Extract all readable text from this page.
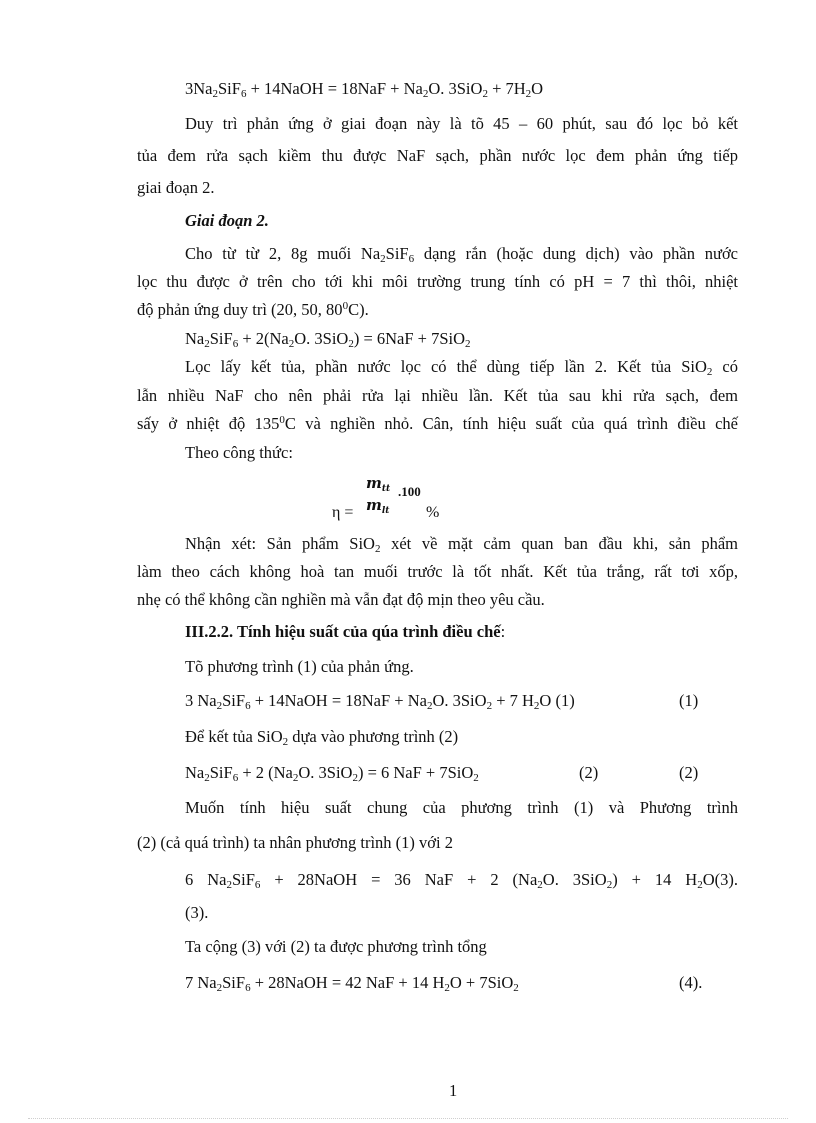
$3Na_2SiF_6$ + 14NaOH = $18NaF + Na_2O$. $3SiO_2 + 7H_2O$
Duy trì phản ứng ở giai đoạn này là tõ 45 – 60 phút, sau đó lọc bỏ kết
tủa đem rửa sạch kiềm thu được NaF sạch, phần nước lọc đem phản ứng tiếp
giai đoạn 2.
Giai đoạn 2.
Cho từ từ 2, 8g muối $Na_2SiF_6$ dạng rắn (hoặc dung dịch) vào phần nước
lọc thu được ở trên cho tới khi môi trường trung tính có pH = 7 thì thôi, nhiệt
độ phản ứng duy trì (20, 50, $80^0C$).
$Na_2SiF_6 + 2(Na_2O$. 3SiO$_2$) = 6NaF + 7SiO$_2$
Lọc lấy kết tủa, phần nước lọc có thể dùng tiếp lần 2. Kết tủa SiO$_2$ có
lẫn nhiều NaF cho nên phải rửa lại nhiều lần. Kết tủa sau khi rửa sạch, đem
sấy ở nhiệt độ $135^0C$ và nghiền nhỏ. Cân, tính hiệu suất của quá trình điều chế
Theo công thức:
$m_{tt}$ .100
$m_{lt}$
η =	%
Nhận xét: Sản phẩm SiO$_2$ xét về mặt cảm quan ban đầu khi, sản phẩm
làm theo cách không hoà tan muối trước là tốt nhất. Kết tủa trắng, rất tơi xốp,
nhẹ có thể không cần nghiền mà vẫn đạt độ mịn theo yêu cầu.
III.2.2. Tính hiệu suất của qúa trình điều chế:
Tõ phương trình (1) của phản ứng.
3 $Na_2SiF_6$ + 14NaOH = $18NaF + Na_2O$. 3SiO$_2$ + 7 $H_2O$ (1)	(1)
Để kết tủa SiO$_2$ dựa vào phương trình (2)
$Na_2SiF_6 + 2$ ($Na_2O$. 3SiO$_2$) = 6 NaF + 7SiO$_2$	(2)	(2)
Muốn tính hiệu suất chung của phương trình (1) và Phương trình
(2) (cả quá trình) ta nhân phương trình (1) với 2
6 $Na_2SiF_6$ + 28NaOH = 36 NaF + 2 ($Na_2O$. 3SiO$_2$) + 14 $H_2O(3)$.
(3).
Ta cộng (3) với (2) ta được phương trình tổng
7 $Na_2SiF_6$ + 28NaOH = 42 NaF + 14 $H_2O + 7SiO_2$	(4).
1
